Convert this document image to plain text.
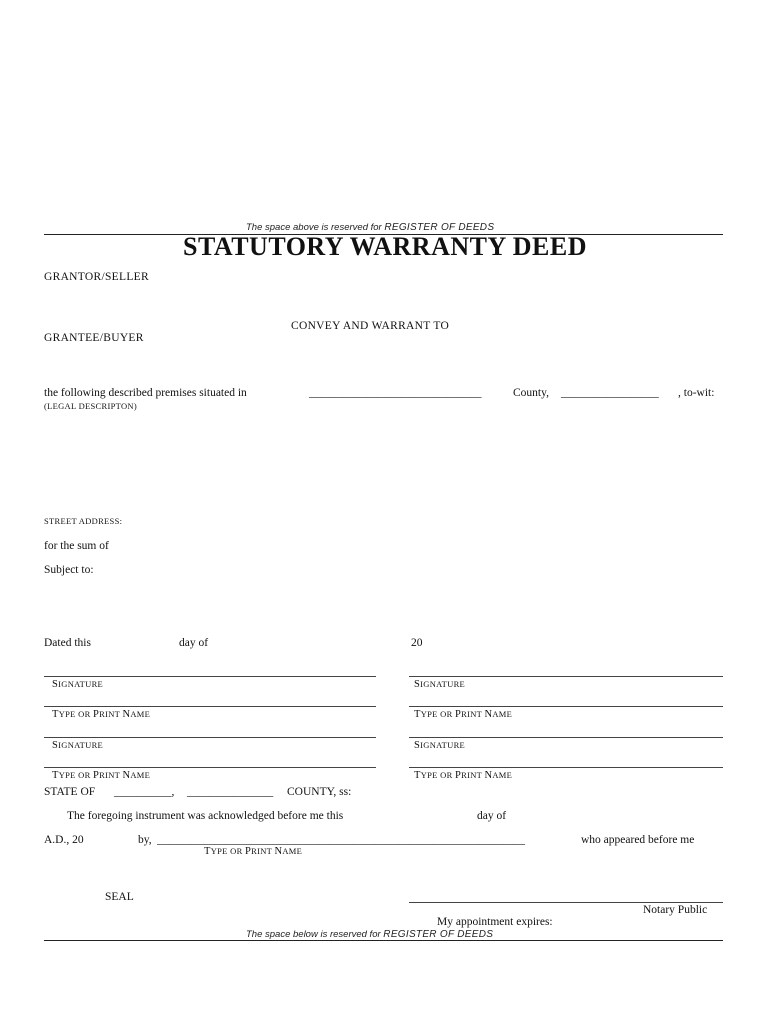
The space above is reserved for REGISTER OF DEEDS
STATUTORY WARRANTY DEED
GRANTOR/SELLER
CONVEY AND WARRANT TO
GRANTEE/BUYER
the following described premises situated in	______________________________	County, _________________ , to-wit:
(LEGAL DESCRIPTON)
STREET ADDRESS:
for the sum of
Subject to:
Dated this	day of	20
SIGNATURE
TYPE OR PRINT NAME
SIGNATURE
TYPE OR PRINT NAME
SIGNATURE
TYPE OR PRINT NAME
SIGNATURE
TYPE OR PRINT NAME
STATE OF __________, _______________ COUNTY, ss:
The foregoing instrument was acknowledged before me this	day of
A.D., 20	by, ________________________________________________________________	who appeared before me
TYPE OR PRINT NAME
SEAL
Notary Public
My appointment expires:
The space below is reserved for REGISTER OF DEEDS
